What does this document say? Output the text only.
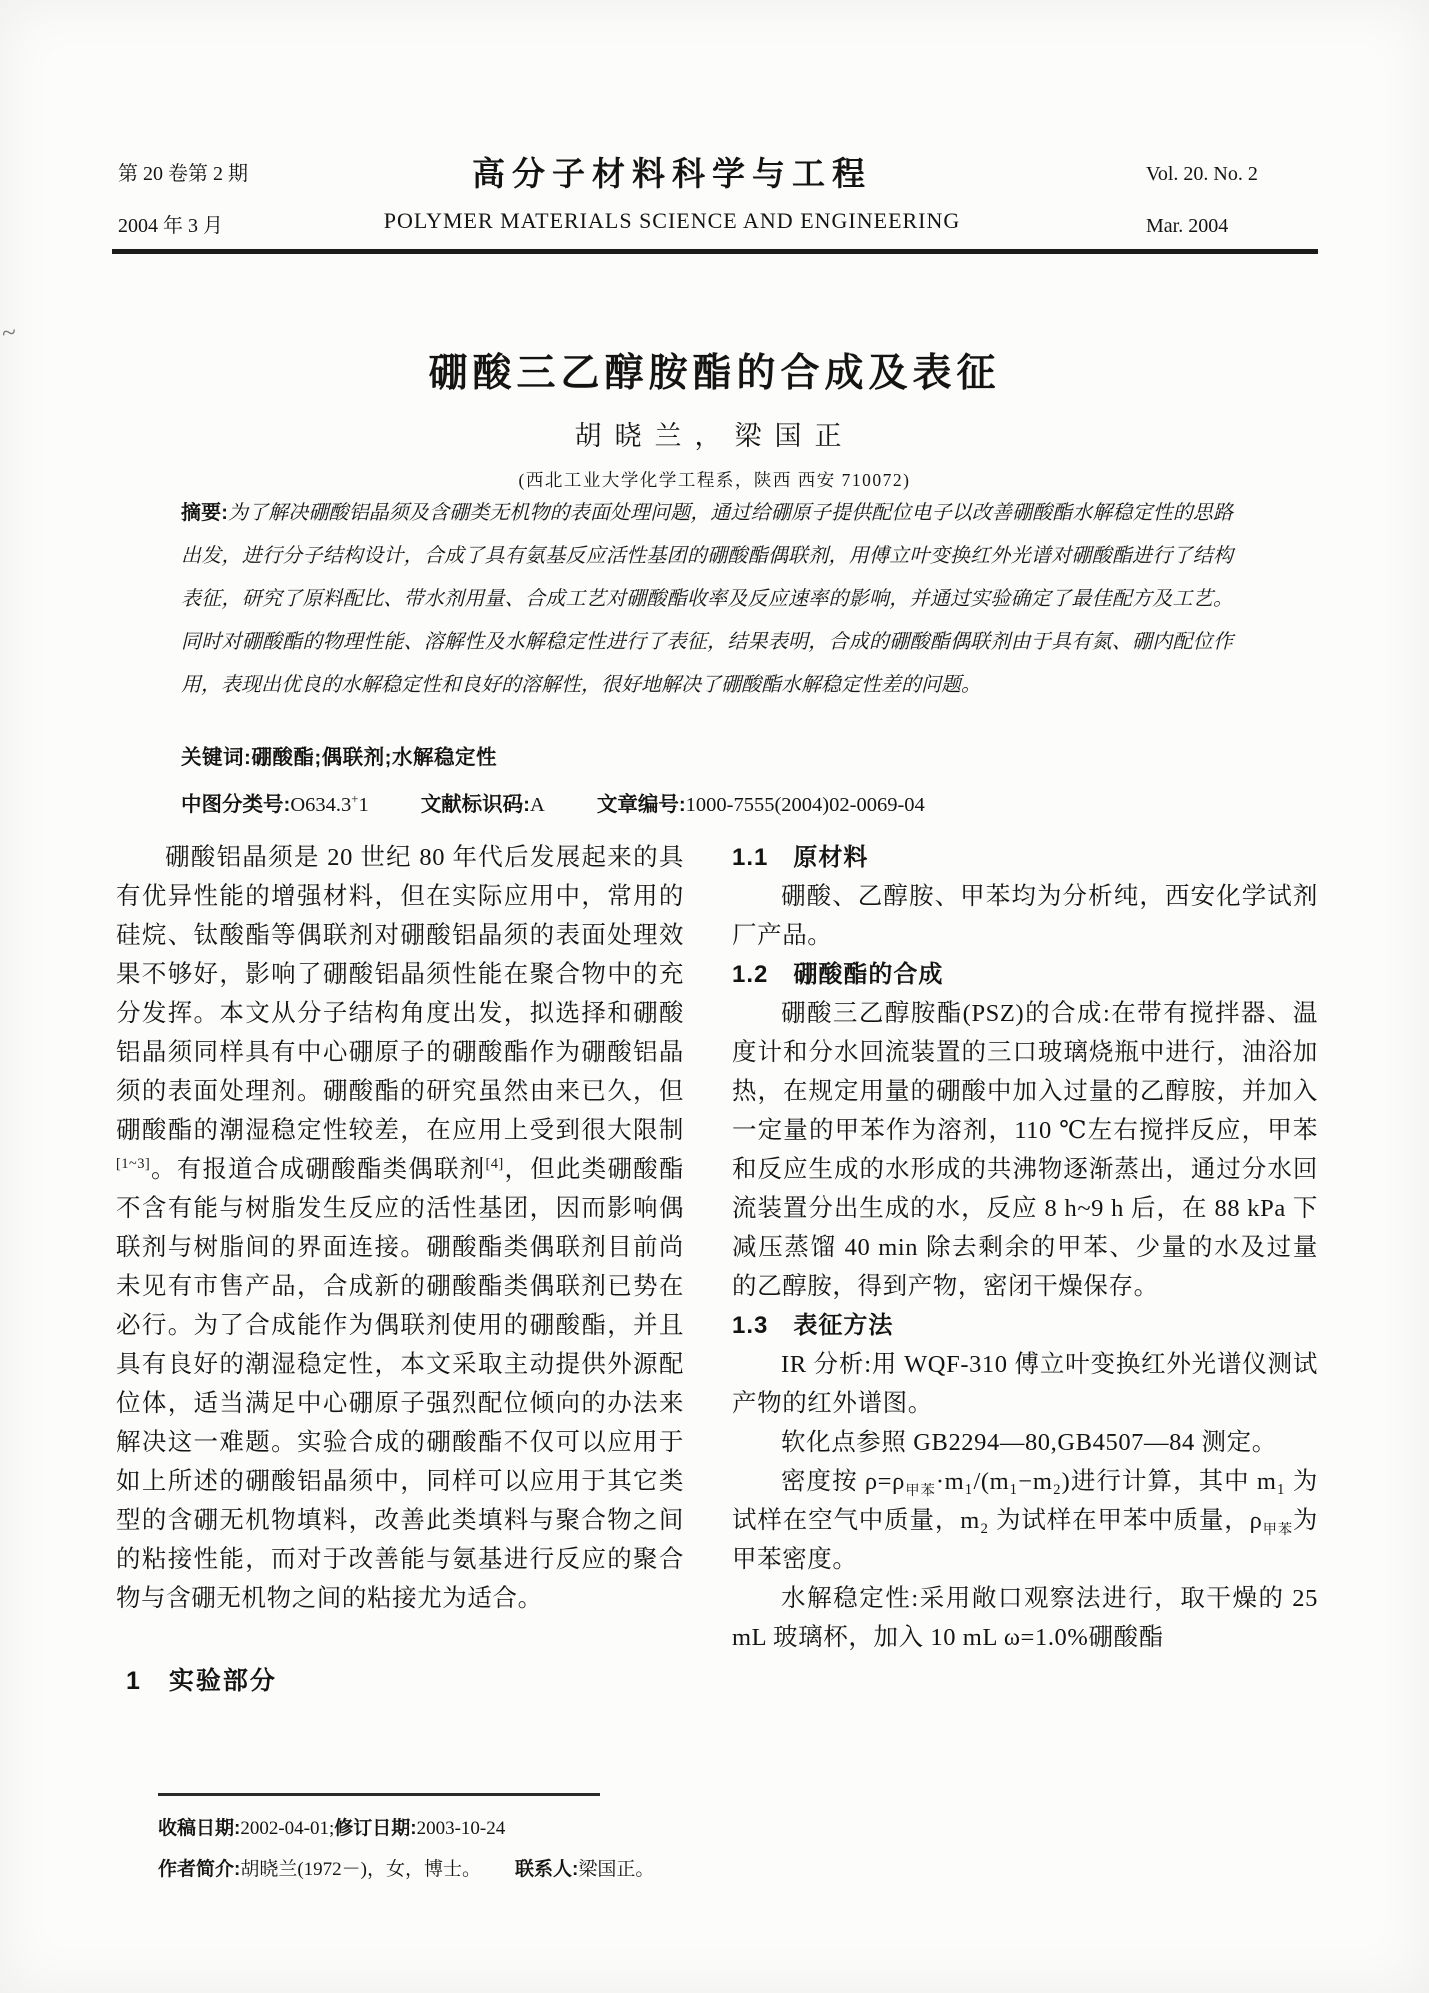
~
第 20 卷第 2 期
2004 年 3 月
高分子材料科学与工程
POLYMER MATERIALS SCIENCE AND ENGINEERING
Vol. 20. No. 2
Mar. 2004
硼酸三乙醇胺酯的合成及表征
胡晓兰，梁国正
(西北工业大学化学工程系，陕西 西安 710072)

摘要:为了解决硼酸铝晶须及含硼类无机物的表面处理问题，通过给硼原子提供配位电子以改善硼酸酯水解稳定性的思路出发，进行分子结构设计，合成了具有氨基反应活性基团的硼酸酯偶联剂，用傅立叶变换红外光谱对硼酸酯进行了结构表征，研究了原料配比、带水剂用量、合成工艺对硼酸酯收率及反应速率的影响，并通过实验确定了最佳配方及工艺。同时对硼酸酯的物理性能、溶解性及水解稳定性进行了表征，结果表明，合成的硼酸酯偶联剂由于具有氮、硼内配位作用，表现出优良的水解稳定性和良好的溶解性，很好地解决了硼酸酯水解稳定性差的问题。

关键词:硼酸酯;偶联剂;水解稳定性

中图分类号:O634.3+1	文献标识码:A	文章编号:1000-7555(2004)02-0069-04

硼酸铝晶须是 20 世纪 80 年代后发展起来的具有优异性能的增强材料，但在实际应用中，常用的硅烷、钛酸酯等偶联剂对硼酸铝晶须的表面处理效果不够好，影响了硼酸铝晶须性能在聚合物中的充分发挥。本文从分子结构角度出发，拟选择和硼酸铝晶须同样具有中心硼原子的硼酸酯作为硼酸铝晶须的表面处理剂。硼酸酯的研究虽然由来已久，但硼酸酯的潮湿稳定性较差，在应用上受到很大限制[1~3]。有报道合成硼酸酯类偶联剂[4]，但此类硼酸酯不含有能与树脂发生反应的活性基团，因而影响偶联剂与树脂间的界面连接。硼酸酯类偶联剂目前尚未见有市售产品，合成新的硼酸酯类偶联剂已势在必行。为了合成能作为偶联剂使用的硼酸酯，并且具有良好的潮湿稳定性，本文采取主动提供外源配位体，适当满足中心硼原子强烈配位倾向的办法来解决这一难题。实验合成的硼酸酯不仅可以应用于如上所述的硼酸铝晶须中，同样可以应用于其它类型的含硼无机物填料，改善此类填料与聚合物之间的粘接性能，而对于改善能与氨基进行反应的聚合物与含硼无机物之间的粘接尤为适合。

1　实验部分
1.1　原材料

硼酸、乙醇胺、甲苯均为分析纯，西安化学试剂厂产品。

1.2　硼酸酯的合成

硼酸三乙醇胺酯(PSZ)的合成:在带有搅拌器、温度计和分水回流装置的三口玻璃烧瓶中进行，油浴加热，在规定用量的硼酸中加入过量的乙醇胺，并加入一定量的甲苯作为溶剂，110 ℃左右搅拌反应，甲苯和反应生成的水形成的共沸物逐渐蒸出，通过分水回流装置分出生成的水，反应 8 h~9 h 后，在 88 kPa 下减压蒸馏 40 min 除去剩余的甲苯、少量的水及过量的乙醇胺，得到产物，密闭干燥保存。

1.3　表征方法

IR 分析:用 WQF-310 傅立叶变换红外光谱仪测试产物的红外谱图。

软化点参照 GB2294—80,GB4507—84 测定。

密度按 $\rho=\rho_{甲苯}\cdot m_1/(m_1-m_2)$进行计算，其中 m₁ 为试样在空气中质量，m₂ 为试样在甲苯中质量，$\rho_{甲苯}$为甲苯密度。

水解稳定性:采用敞口观察法进行，取干燥的 25 mL 玻璃杯，加入 10 mL ω=1.0%硼酸酯

收稿日期:2002-04-01;修订日期:2003-10-24
作者简介:胡晓兰(1972－)，女，博士。 联系人:梁国正。
